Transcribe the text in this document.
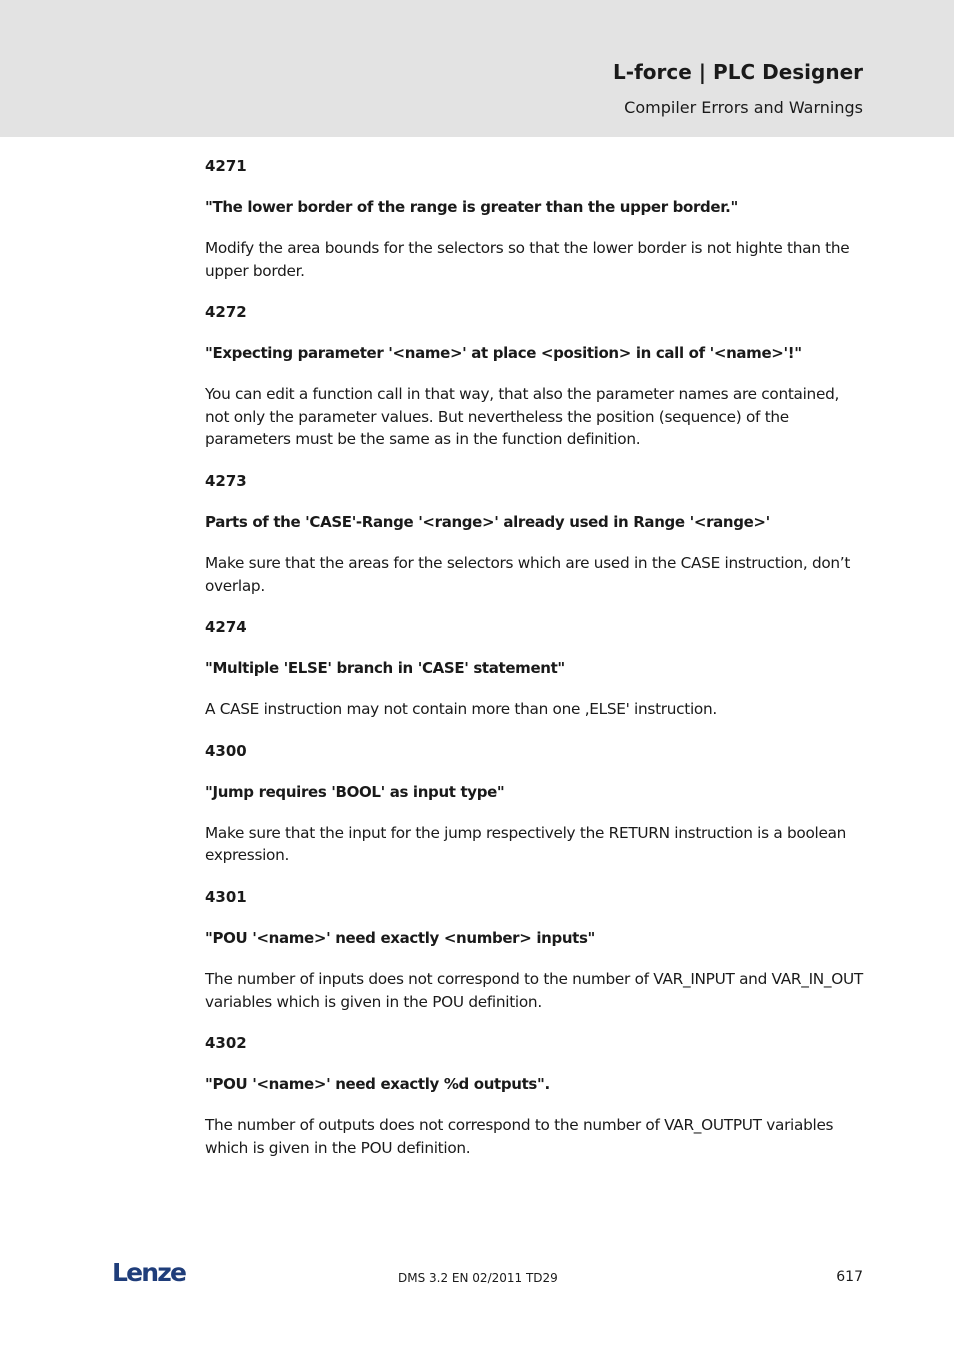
L-force | PLC Designer
Compiler Errors and Warnings
4271
"The lower border of the range is greater than the upper border."
Modify the area bounds for the selectors so that the lower border is not highte than the upper border.
4272
"Expecting parameter '<name>' at place <position> in call of '<name>'!"
You can edit a function call in that way, that also the parameter names are contained, not only the parameter values. But nevertheless the position (sequence) of the parameters must be the same as in the function definition.
4273
Parts of the 'CASE'-Range '<range>' already used in Range '<range>'
Make sure that the areas for the selectors which are used in the CASE instruction, don’t overlap.
4274
"Multiple 'ELSE' branch in 'CASE' statement"
A CASE instruction may not contain more than one ‚ELSE' instruction.
4300
"Jump requires 'BOOL' as input type"
Make sure that the input for the jump respectively the RETURN instruction is a boolean expression.
4301
"POU '<name>' need exactly <number> inputs"
The number of inputs does not correspond to the number of VAR_INPUT and VAR_IN_OUT variables which is given in the POU definition.
4302
"POU '<name>' need exactly %d outputs".
The number of outputs does not correspond to the number of VAR_OUTPUT variables which is given in the POU definition.
Lenze	DMS 3.2 EN 02/2011 TD29	617
